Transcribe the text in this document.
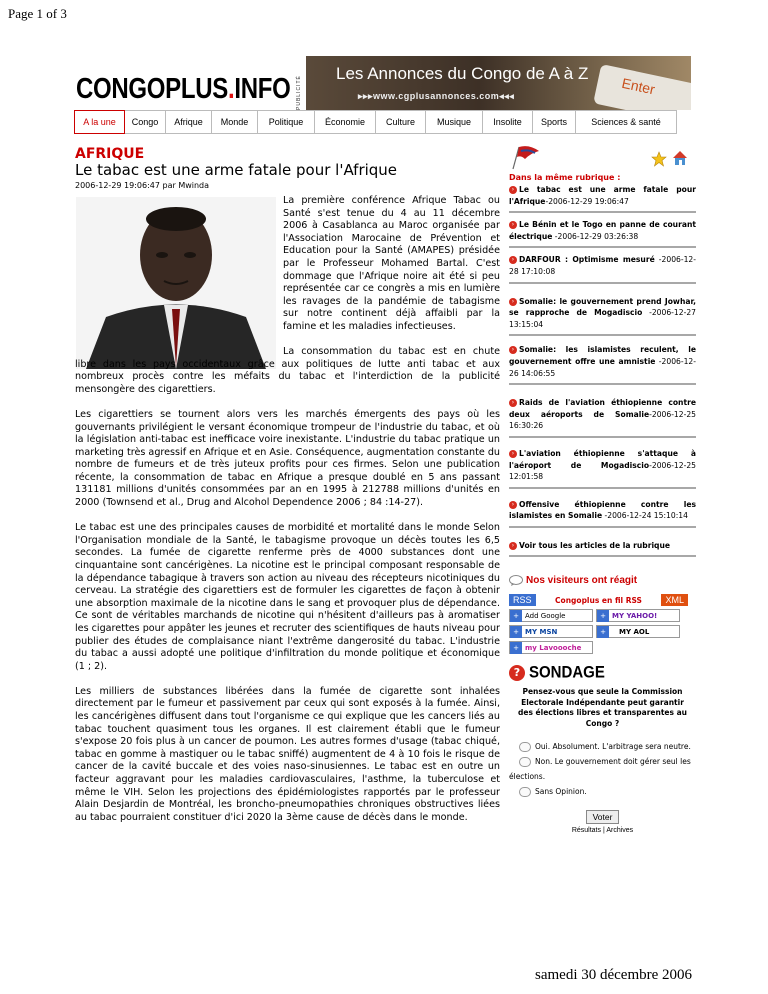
Page 1 of 3
CONGOPLUS.INFO PUBLICITÉ	Enter
Les Annonces du Congo de A à Z
▸▸▸www.cgplusannonces.com◂◂◂
A la une	Congo	Afrique	Monde	Politique	Économie	Culture	Musique	Insolite	Sports	Sciences & santé
AFRIQUE
Le tabac est une arme fatale pour l'Afrique
2006-12-29 19:06:47 par Mwinda

La première conférence Afrique Tabac ou Santé s'est tenue du 4 au 11 décembre 2006 à Casablanca au Maroc organisée par l'Association Marocaine de Prévention et Education pour la Santé (AMAPES) présidée par le Professeur Mohamed Bartal. C'est dommage que l'Afrique noire ait été si peu représentée car ce congrès a mis en lumière les ravages de la pandémie de tabagisme sur notre continent déjà affaibli par la famine et les maladies infectieuses.

La consommation du tabac est en chute libre dans les pays occidentaux grâce aux politiques de lutte anti tabac et aux nombreux procès contre les méfaits du tabac et l'interdiction de la publicité mensongère des cigarettiers.

Les cigarettiers se tournent alors vers les marchés émergents des pays où les gouvernants privilégient le versant économique trompeur de l'industrie du tabac, et où la législation anti-tabac est inefficace voire inexistante. L'industrie du tabac pratique un marketing très agressif en Afrique et en Asie. Conséquence, augmentation constante du nombre de fumeurs et de très juteux profits pour ces firmes. Selon une publication récente, la consommation de tabac en Afrique a presque doublé en 5 ans passant 131181 millions d'unités consommées par an en 1995 à 212788 millions d'unités en 2000 (Townsend et al., Drug and Alcohol Dependence 2006 ; 84 :14-27).

Le tabac est une des principales causes de morbidité et mortalité dans le monde Selon l'Organisation mondiale de la Santé, le tabagisme provoque un décès toutes les 6,5 secondes. La fumée de cigarette renferme près de 4000 substances dont une cinquantaine sont cancérigènes. La nicotine est le principal composant responsable de la dépendance tabagique à travers son action au niveau des récepteurs nicotiniques du cerveau. La stratégie des cigarettiers est de formuler les cigarettes de façon à obtenir une absorption maximale de la nicotine dans le sang et provoquer plus de dépendance. Ce sont de véritables marchands de nicotine qui n'hésitent d'ailleurs pas à aromatiser les cigarettes pour appâter les jeunes et recruter des scientifiques de hauts niveau pour publier des études de complaisance niant l'extrême dangerosité du tabac. L'industrie du tabac a aussi adopté une politique d'infiltration du monde politique et économique (1 ; 2).

Les milliers de substances libérées dans la fumée de cigarette sont inhalées directement par le fumeur et passivement par ceux qui sont exposés à la fumée. Ainsi, les cancérigènes diffusent dans tout l'organisme ce qui explique que les cancers liés au tabac touchent quasiment tous les organes. Il est clairement établi que le fumeur s'expose 20 fois plus à un cancer de poumon. Les autres formes d'usage (tabac chiqué, tabac en gomme à mastiquer ou le tabac sniffé) augmentent de 4 à 10 fois le risque de cancer de la cavité buccale et des voies naso-sinusiennes. Le tabac est en outre un facteur aggravant pour les maladies cardiovasculaires, l'asthme, la tuberculose et même le VIH. Selon les projections des épidémiologistes rapportés par le professeur Alain Desjardin de Montréal, les broncho-pneumopathies chroniques obstructives liées au tabac pourraient constituer d'ici 2020 la 3ème cause de décès dans le monde.

Dans la même rubrique :
› Le tabac est une arme fatale pour l'Afrique-2006-12-29 19:06:47
› Le Bénin et le Togo en panne de courant électrique -2006-12-29 03:26:38
› DARFOUR : Optimisme mesuré -2006-12-28 17:10:08
› Somalie: le gouvernement prend Jowhar, se rapproche de Mogadiscio -2006-12-27 13:15:04
› Somalie: les islamistes reculent, le gouvernement offre une amnistie -2006-12-26 14:06:55
› Raids de l'aviation éthiopienne contre deux aéroports de Somalie-2006-12-25 16:30:26
› L'aviation éthiopienne s'attaque à l'aéroport de Mogadiscio-2006-12-25 12:01:58
› Offensive éthiopienne contre les islamistes en Somalie -2006-12-24 15:10:14
› Voir tous les articles de la rubrique
Nos visiteurs ont réagit
RSS	Congoplus en fil RSS	XML
+ Add Google	+ MY YAHOO!
+ MY MSN	+	MY AOL
+ my Lavoooche
? SONDAGE
Pensez-vous que seule la Commission Electorale Indépendante peut garantir des élections libres et transparentes au Congo ?
Oui. Absolument. L'arbitrage sera neutre.
Non. Le gouvernement doit gérer seul les élections.
Sans Opinion.
Voter
Résultats | Archives
samedi 30 décembre 2006
